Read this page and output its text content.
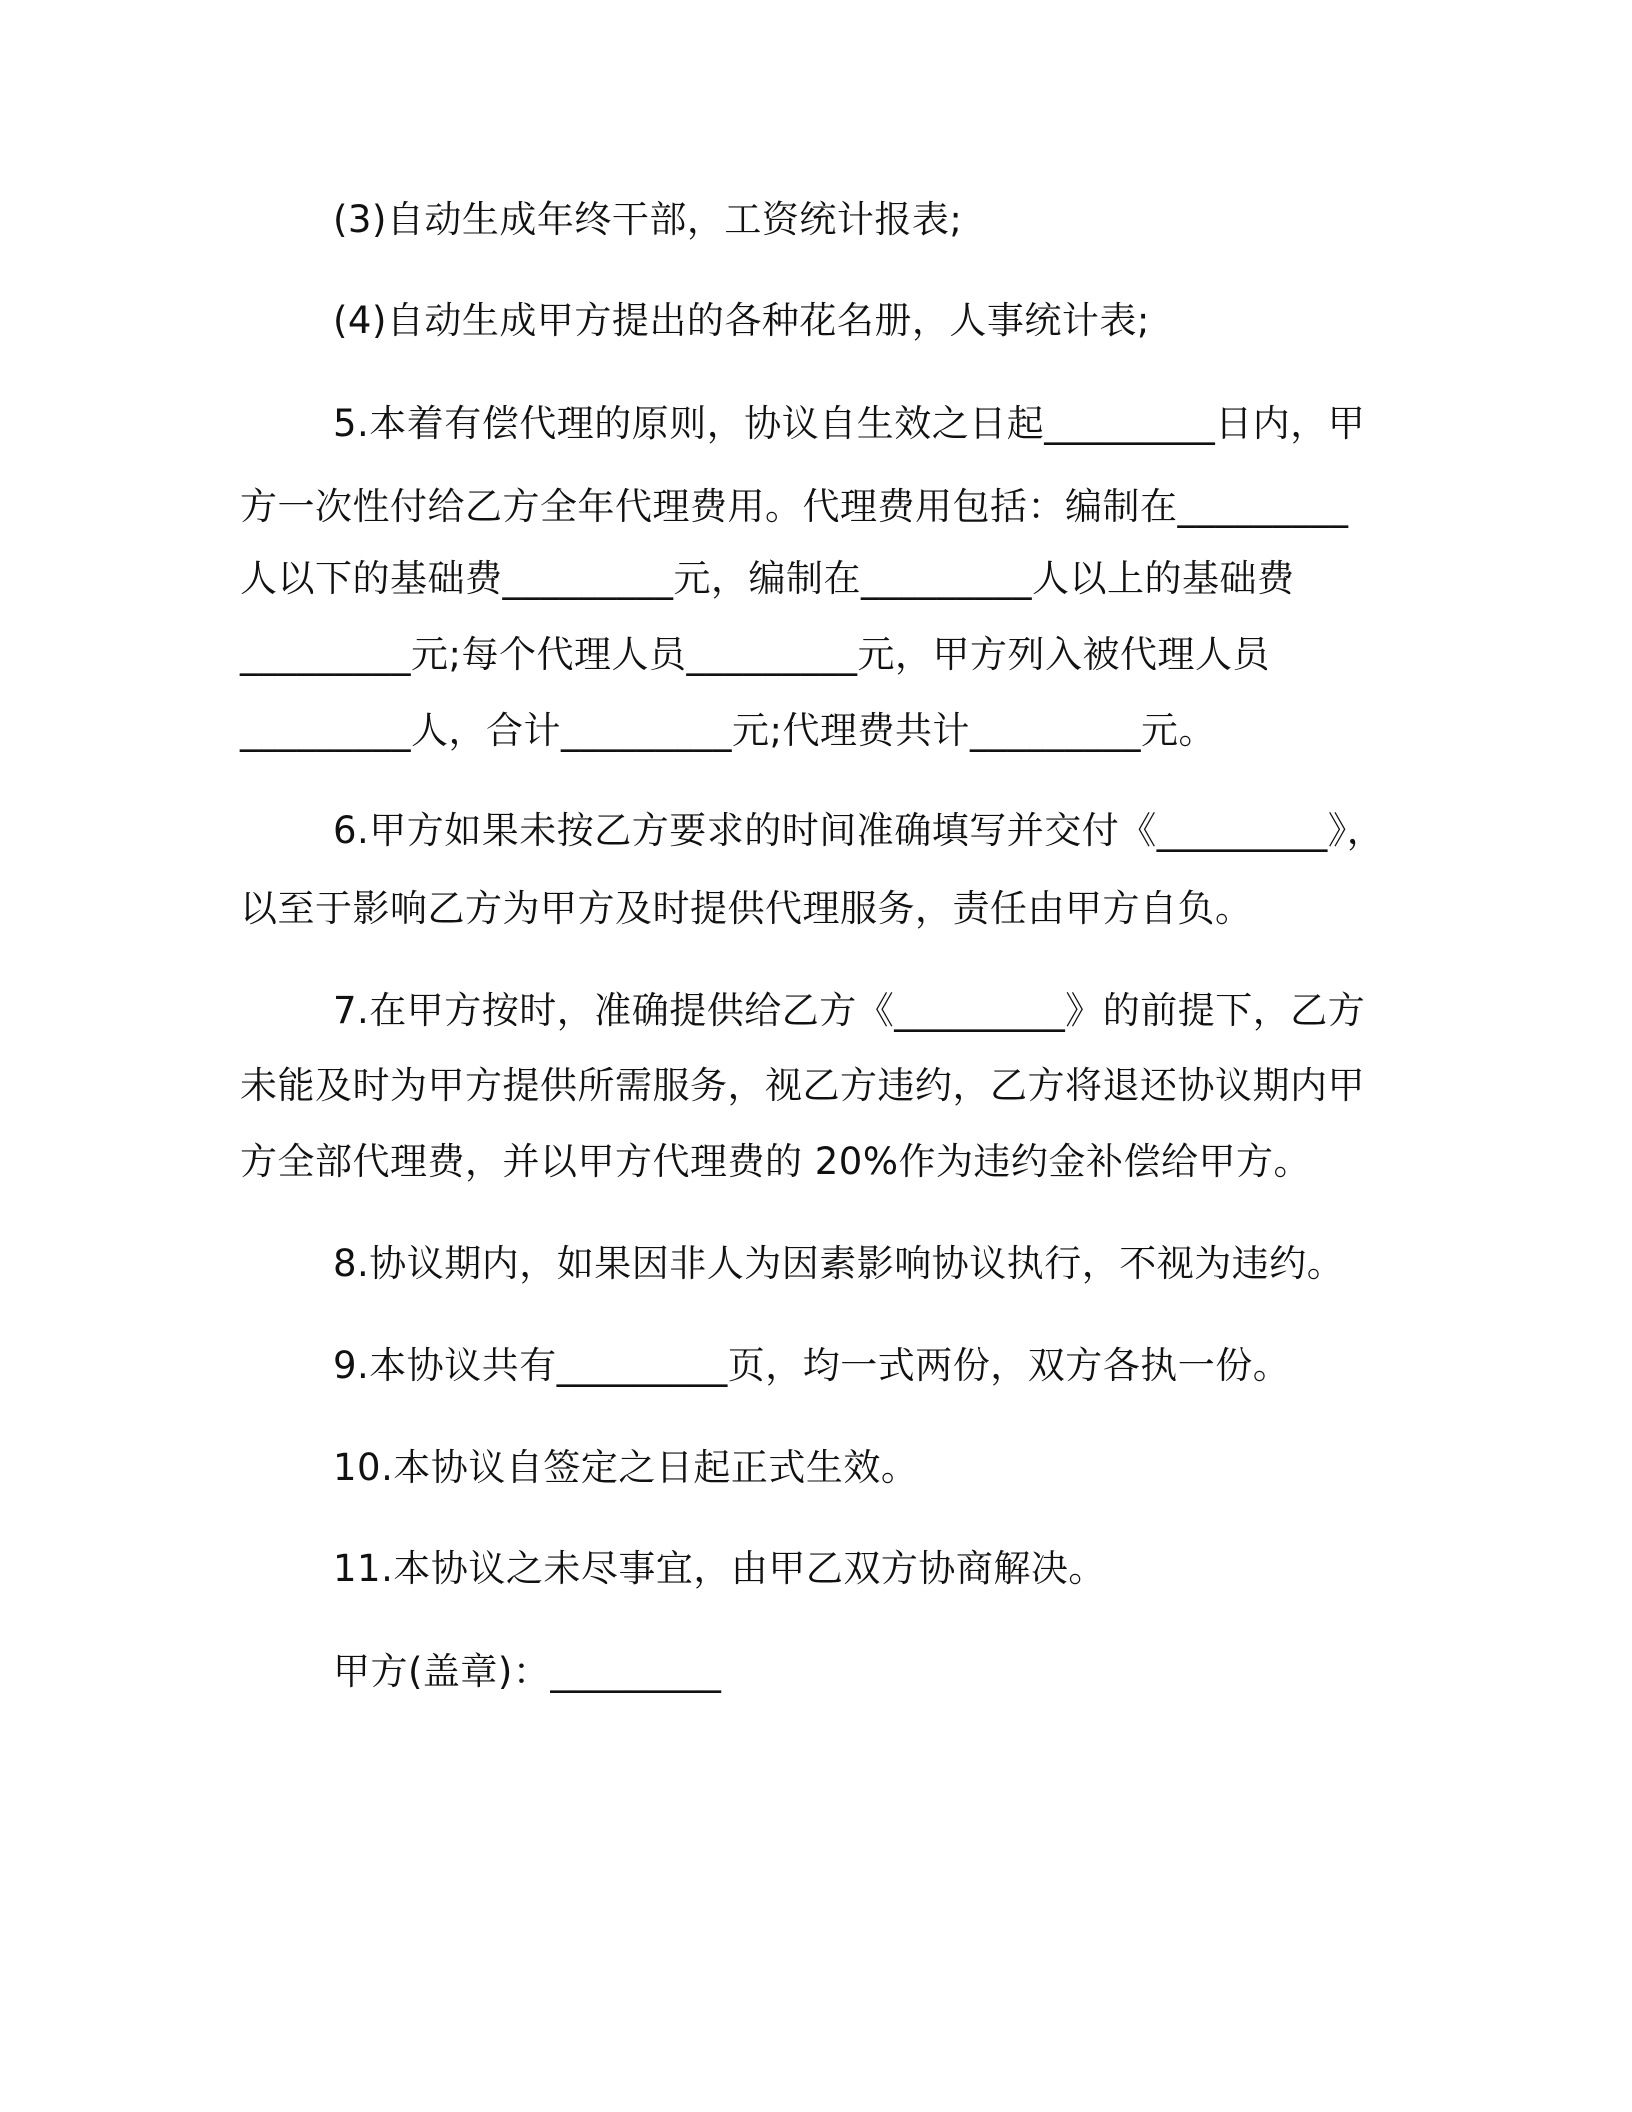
(3)自动生成年终干部，工资统计报表;
(4)自动生成甲方提出的各种花名册，人事统计表;
5.本着有偿代理的原则，协议自生效之日起_________日内，甲
方一次性付给乙方全年代理费用。代理费用包括：编制在_________
人以下的基础费_________元，编制在_________人以上的基础费
_________元;每个代理人员_________元，甲方列入被代理人员
_________人，合计_________元;代理费共计_________元。
6.甲方如果未按乙方要求的时间准确填写并交付《_________》，
以至于影响乙方为甲方及时提供代理服务，责任由甲方自负。
7.在甲方按时，准确提供给乙方《_________》的前提下，乙方
未能及时为甲方提供所需服务，视乙方违约，乙方将退还协议期内甲
方全部代理费，并以甲方代理费的 20%作为违约金补偿给甲方。
8.协议期内，如果因非人为因素影响协议执行，不视为违约。
9.本协议共有_________页，均一式两份，双方各执一份。
10.本协议自签定之日起正式生效。
11.本协议之未尽事宜，由甲乙双方协商解决。
甲方(盖章)：_________
